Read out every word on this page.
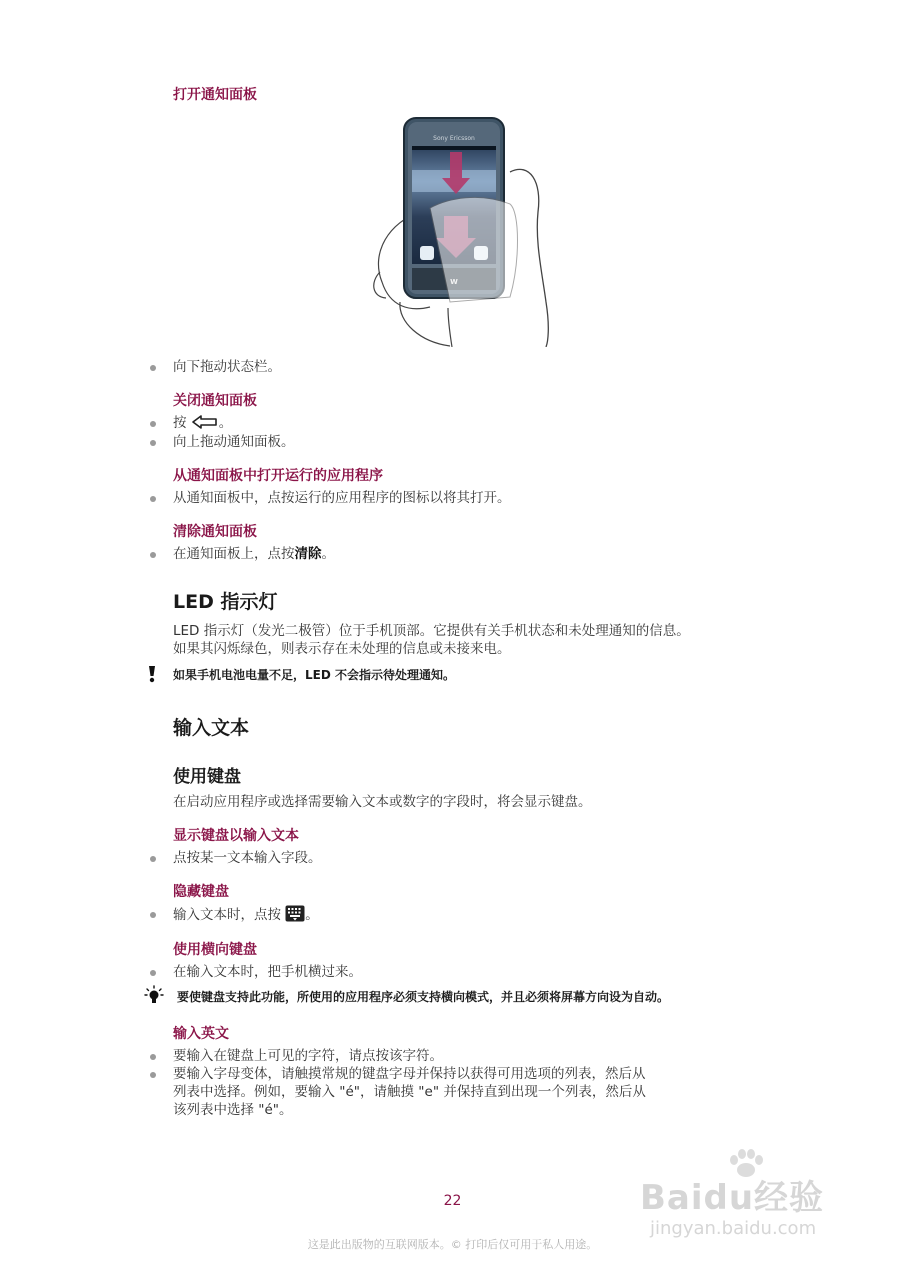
打开通知面板
Sony Ericsson
向下拖动状态栏。
关闭通知面板
按 。
向上拖动通知面板。
从通知面板中打开运行的应用程序
从通知面板中，点按运行的应用程序的图标以将其打开。
清除通知面板
在通知面板上，点按清除。
LED 指示灯
LED 指示灯（发光二极管）位于手机顶部。它提供有关手机状态和未处理通知的信息。
如果其闪烁绿色，则表示存在未处理的信息或未接来电。
如果手机电池电量不足，LED 不会指示待处理通知。
输入文本
使用键盘
在启动应用程序或选择需要输入文本或数字的字段时，将会显示键盘。
显示键盘以输入文本
点按某一文本输入字段。
隐藏键盘
输入文本时，点按 。
使用横向键盘
在输入文本时，把手机横过来。
要使键盘支持此功能，所使用的应用程序必须支持横向模式，并且必须将屏幕方向设为自动。
输入英文
要输入在键盘上可见的字符，请点按该字符。
要输入字母变体，请触摸常规的键盘字母并保持以获得可用选项的列表，然后从
列表中选择。例如，要输入 "é"，请触摸 "e" 并保持直到出现一个列表，然后从
该列表中选择 "é"。
22
这是此出版物的互联网版本。© 打印后仅可用于私人用途。
Baidu经验
jingyan.baidu.com
